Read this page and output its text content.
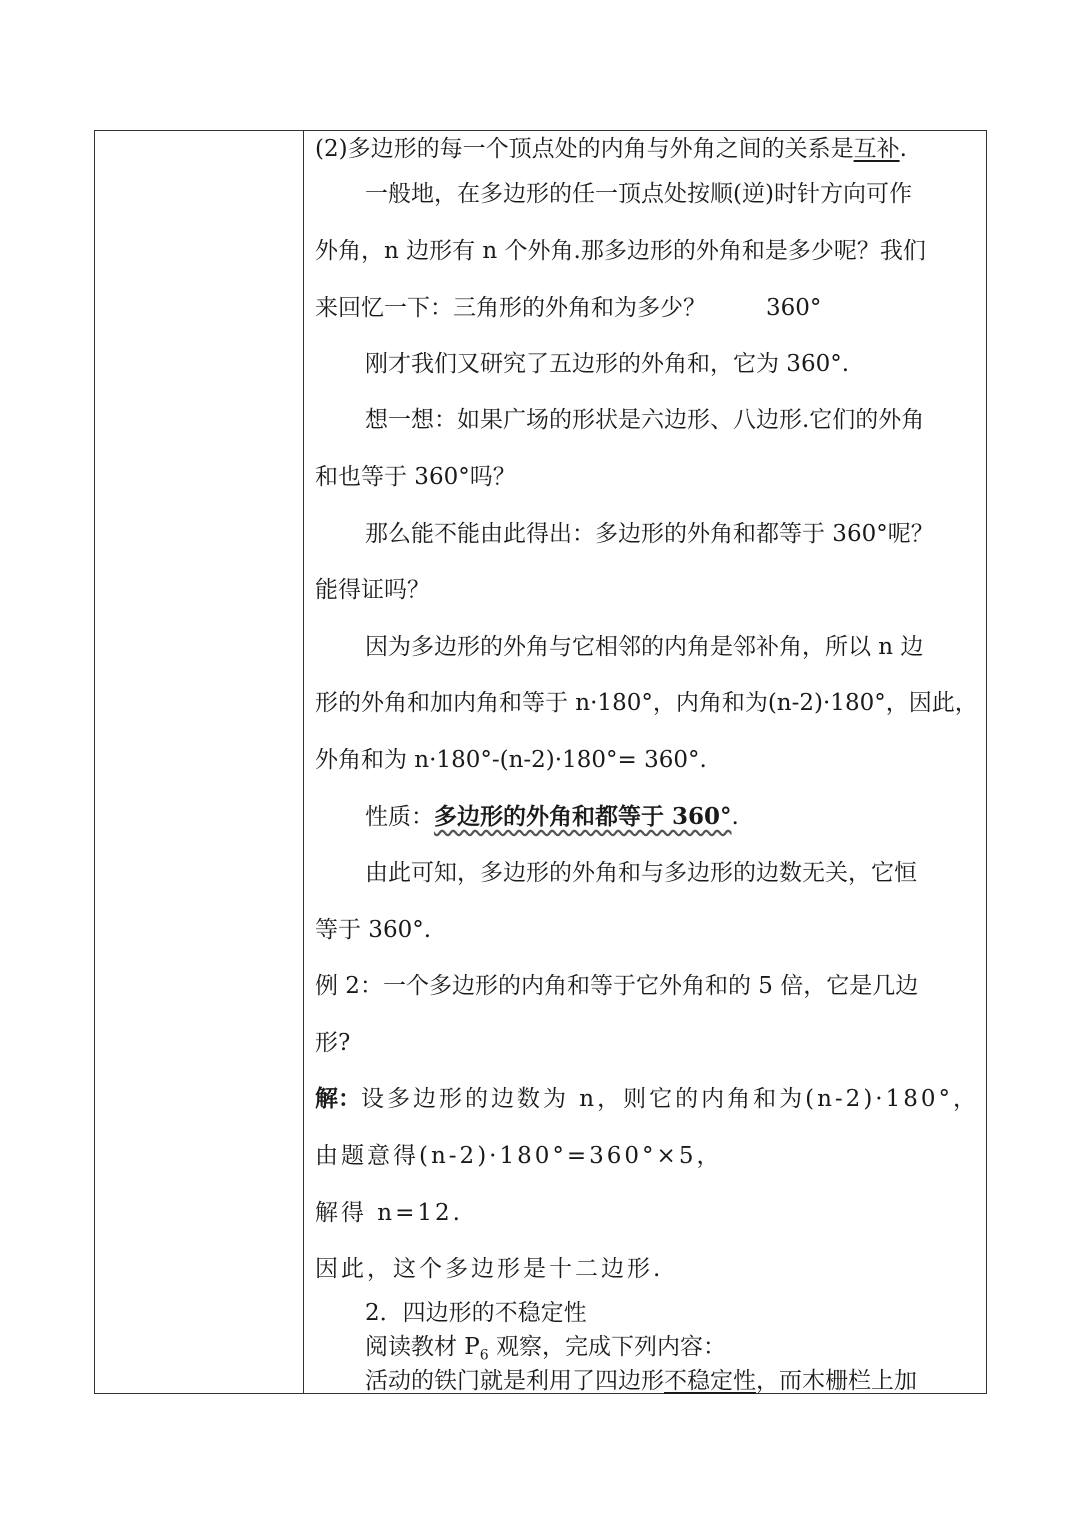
(2)多边形的每一个顶点处的内角与外角之间的关系是互补.
一般地，在多边形的任一顶点处按顺(逆)时针方向可作
外角，n 边形有 n 个外角.那多边形的外角和是多少呢？我们
来回忆一下：三角形的外角和为多少？	360°
刚才我们又研究了五边形的外角和，它为 360°.
想一想：如果广场的形状是六边形、八边形.它们的外角
和也等于 360°吗？
那么能不能由此得出：多边形的外角和都等于 360°呢？
能得证吗？
因为多边形的外角与它相邻的内角是邻补角，所以 n 边
形的外角和加内角和等于 n·180°，内角和为(n-2)·180°，因此，
外角和为 n·180°-(n-2)·180°= 360°.
性质：多边形的外角和都等于 360°.
由此可知，多边形的外角和与多边形的边数无关，它恒
等于 360°.
例 2：一个多边形的内角和等于它外角和的 5 倍，它是几边
形?
解：设多边形的边数为 n，则它的内角和为(n-2)·180°，
由题意得(n-2)·180°=360°×5，
解得 n=12.
因此，这个多边形是十二边形.
2．四边形的不稳定性
阅读教材 $P_6$ 观察，完成下列内容：
活动的铁门就是利用了四边形不稳定性，而木栅栏上加
